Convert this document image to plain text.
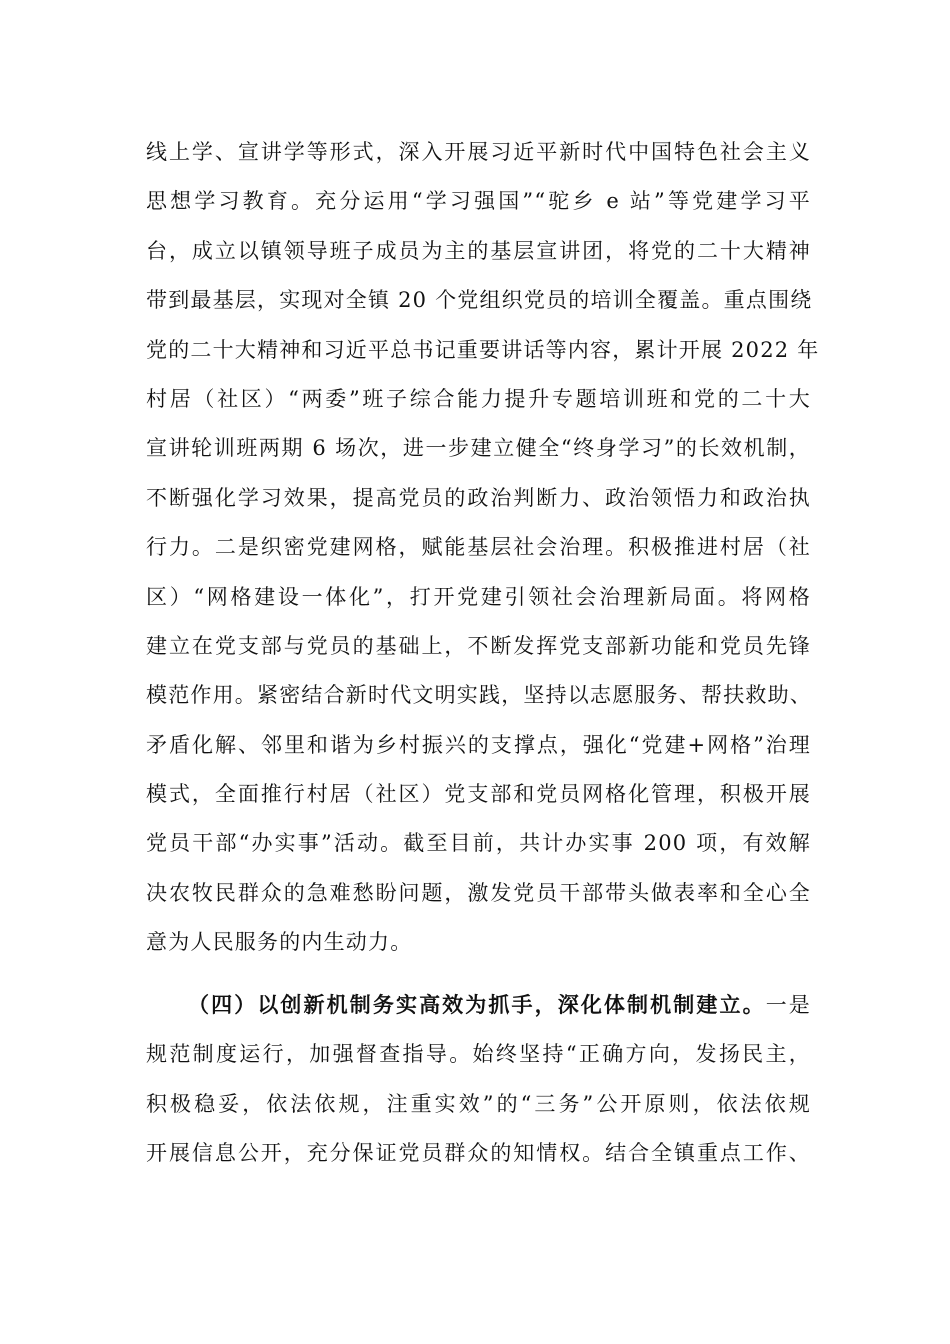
线上学、宣讲学等形式，深入开展习近平新时代中国特色社会主义
思想学习教育。充分运用“学习强国”“驼乡 e 站”等党建学习平
台，成立以镇领导班子成员为主的基层宣讲团，将党的二十大精神
带到最基层，实现对全镇 20 个党组织党员的培训全覆盖。重点围绕
党的二十大精神和习近平总书记重要讲话等内容，累计开展 2022 年
村居（社区）“两委”班子综合能力提升专题培训班和党的二十大
宣讲轮训班两期 6 场次，进一步建立健全“终身学习”的长效机制，
不断强化学习效果，提高党员的政治判断力、政治领悟力和政治执
行力。二是织密党建网格，赋能基层社会治理。积极推进村居（社
区）“网格建设一体化”，打开党建引领社会治理新局面。将网格
建立在党支部与党员的基础上，不断发挥党支部新功能和党员先锋
模范作用。紧密结合新时代文明实践，坚持以志愿服务、帮扶救助、
矛盾化解、邻里和谐为乡村振兴的支撑点，强化“党建+网格”治理
模式，全面推行村居（社区）党支部和党员网格化管理，积极开展
党员干部“办实事”活动。截至目前，共计办实事 200 项，有效解
决农牧民群众的急难愁盼问题，激发党员干部带头做表率和全心全
意为人民服务的内生动力。
（四）以创新机制务实高效为抓手，深化体制机制建立。一是
规范制度运行，加强督查指导。始终坚持“正确方向，发扬民主，
积极稳妥，依法依规，注重实效”的“三务”公开原则，依法依规
开展信息公开，充分保证党员群众的知情权。结合全镇重点工作、
